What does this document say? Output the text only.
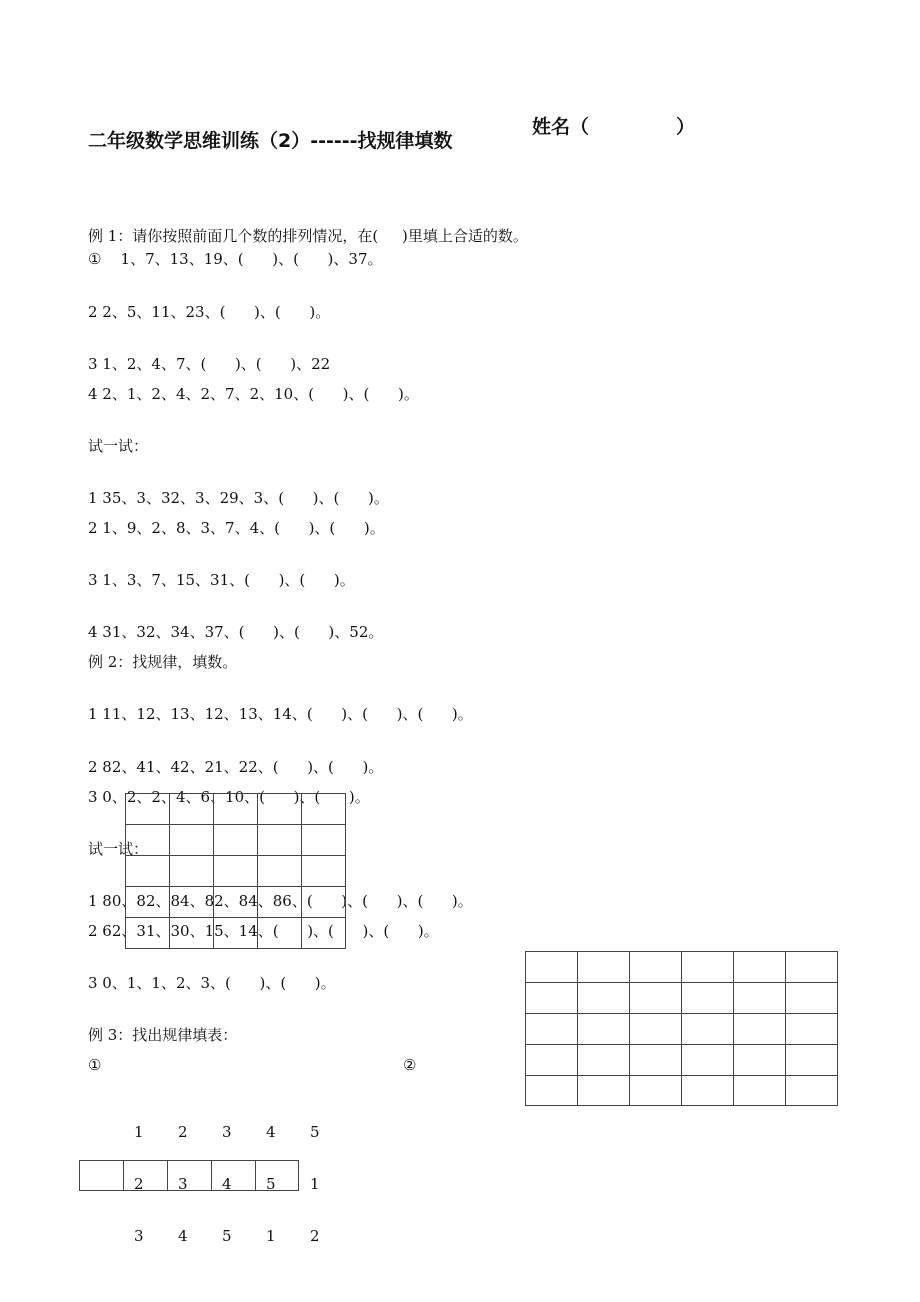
二年级数学思维训练（2）------找规律填数
姓名（	）
例 1：请你按照前面几个数的排列情况，在(     )里填上合适的数。
①    1、7、13、19、(      )、(      )、37。
2 2、5、11、23、(      )、(      )。
3 1、2、4、7、(      )、(      )、22
4 2、1、2、4、2、7、2、10、(      )、(      )。
试一试：
1 35、3、32、3、29、3、(      )、(      )。
2 1、9、2、8、3、7、4、(      )、(      )。
3 1、3、7、15、31、(      )、(      )。
4 31、32、34、37、(      )、(      )、52。
例 2：找规律，填数。
1 11、12、13、12、13、14、(      )、(      )、(      )。
2 82、41、42、21、22、(      )、(      )。
3 0、2、2、4、6、10、(      )、(      )。
试一试：
1 80、82、84、82、84、86、(      )、(      )、(      )。
2 62、31、30、15、14、(      )、(      )、(      )。
3 0、1、1、2、3、(      )、(      )。

例 3：找出规律填表：
①	②
1 2 3 4 5

2 3 4 5 1
3 4 5 1 2
